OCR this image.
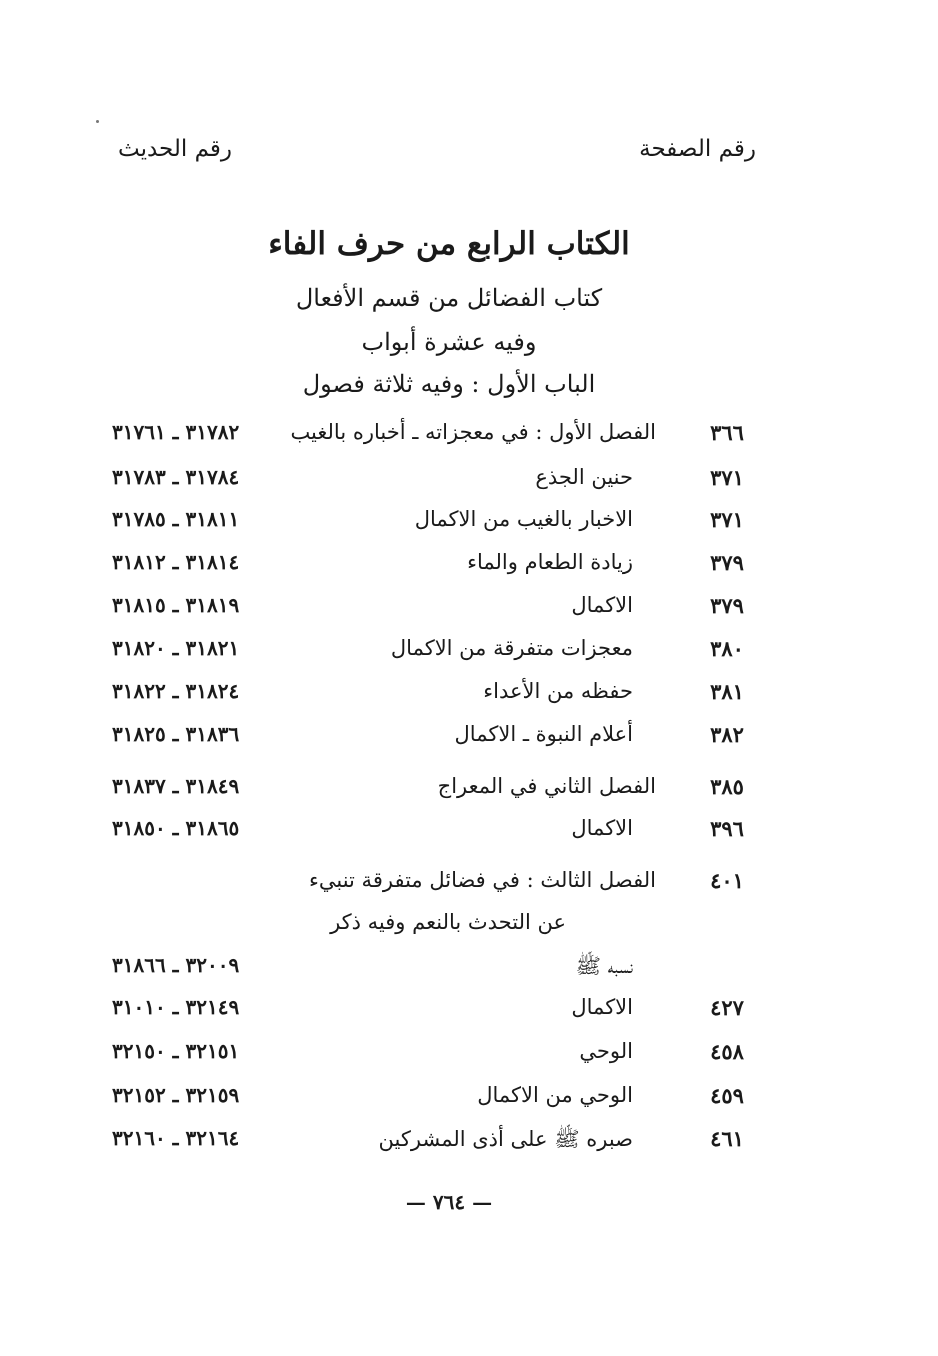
رقم الصفحة
رقم الحديث
الكتاب الرابع من حرف الفاء
كتاب الفضائل من قسم الأفعال
وفيه عشرة أبواب
الباب الأول : وفيه ثلاثة فصول
٣٦٦
الفصل الأول : في معجزاته ـ أخباره بالغيب
٣١٧٨٢ ـ ٣١٧٦١
٣٧١
حنين الجذع
٣١٧٨٤ ـ ٣١٧٨٣
٣٧١
الاخبار بالغيب من الاكمال
٣١٨١١ ـ ٣١٧٨٥
٣٧٩
زيادة الطعام والماء
٣١٨١٤ ـ ٣١٨١٢
٣٧٩
الاكمال
٣١٨١٩ ـ ٣١٨١٥
٣٨٠
معجزات متفرقة من الاكمال
٣١٨٢١ ـ ٣١٨٢٠
٣٨١
حفظه من الأعداء
٣١٨٢٤ ـ ٣١٨٢٢
٣٨٢
أعلام النبوة ـ الاكمال
٣١٨٣٦ ـ ٣١٨٢٥
٣٨٥
الفصل الثاني في المعراج
٣١٨٤٩ ـ ٣١٨٣٧
٣٩٦
الاكمال
٣١٨٦٥ ـ ٣١٨٥٠
٤٠١
الفصل الثالث : في فضائل متفرقة تنبيء
عن التحدث بالنعم وفيه ذكر
نسبه ﷺ
٣٢٠٠٩ ـ ٣١٨٦٦
٤٢٧
الاكمال
٣٢١٤٩ ـ ٣١٠١٠
٤٥٨
الوحي
٣٢١٥١ ـ ٣٢١٥٠
٤٥٩
الوحي من الاكمال
٣٢١٥٩ ـ ٣٢١٥٢
٤٦١
صبره ﷺ على أذى المشركين
٣٢١٦٤ ـ ٣٢١٦٠
— ٧٦٤ —
